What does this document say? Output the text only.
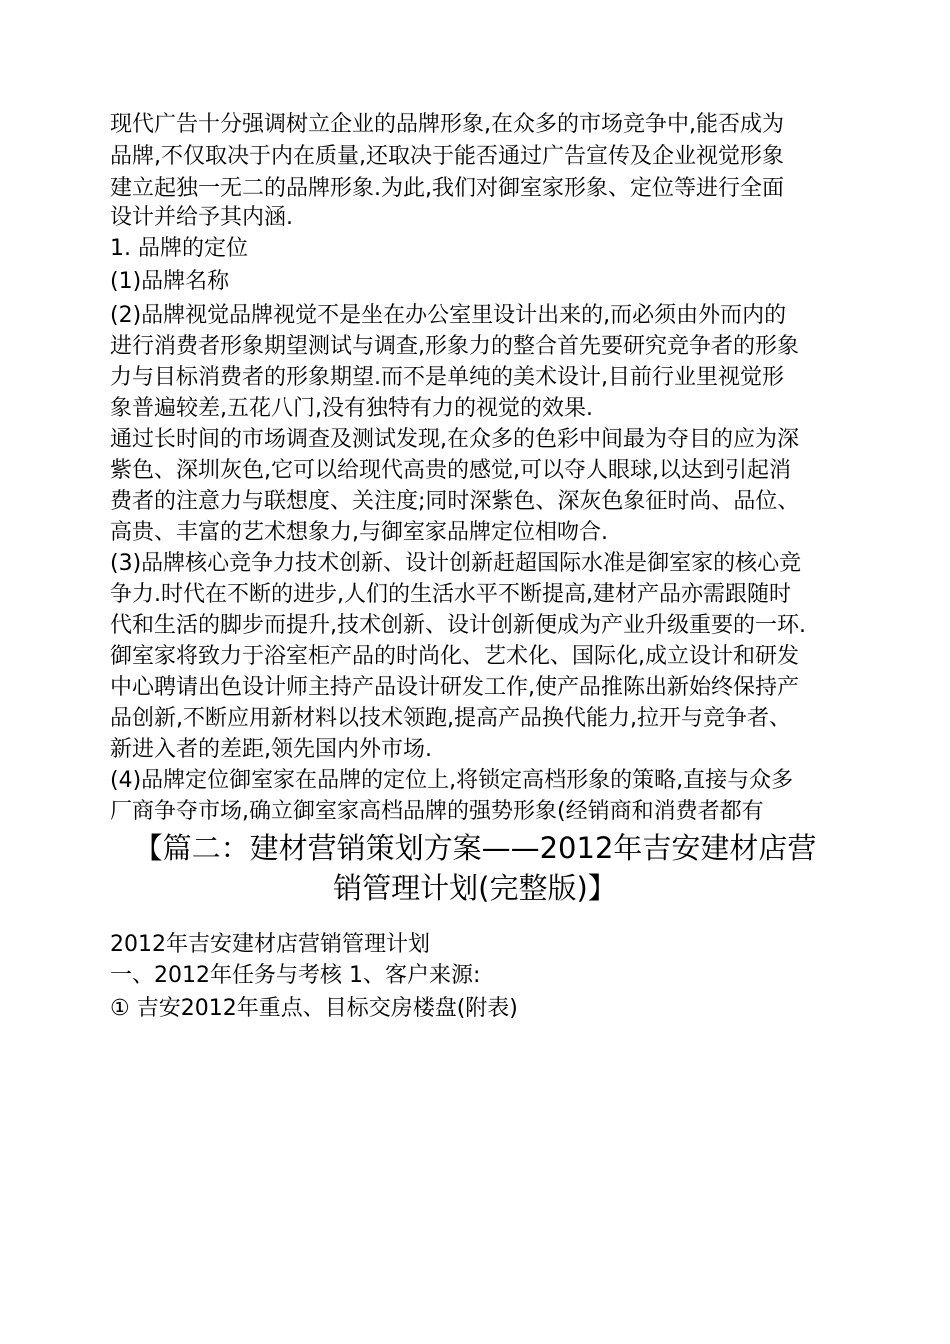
现代广告十分强调树立企业的品牌形象,在众多的市场竞争中,能否成为
品牌,不仅取决于内在质量,还取决于能否通过广告宣传及企业视觉形象
建立起独一无二的品牌形象.为此,我们对御室家形象、定位等进行全面
设计并给予其内涵.
1. 品牌的定位
(1)品牌名称
(2)品牌视觉品牌视觉不是坐在办公室里设计出来的,而必须由外而内的
进行消费者形象期望测试与调查,形象力的整合首先要研究竞争者的形象
力与目标消费者的形象期望.而不是单纯的美术设计,目前行业里视觉形
象普遍较差,五花八门,没有独特有力的视觉的效果.
通过长时间的市场调查及测试发现,在众多的色彩中间最为夺目的应为深
紫色、深圳灰色,它可以给现代高贵的感觉,可以夺人眼球,以达到引起消
费者的注意力与联想度、关注度;同时深紫色、深灰色象征时尚、品位、
高贵、丰富的艺术想象力,与御室家品牌定位相吻合.
(3)品牌核心竞争力技术创新、设计创新赶超国际水准是御室家的核心竞
争力.时代在不断的进步,人们的生活水平不断提高,建材产品亦需跟随时
代和生活的脚步而提升,技术创新、设计创新便成为产业升级重要的一环.
御室家将致力于浴室柜产品的时尚化、艺术化、国际化,成立设计和研发
中心聘请出色设计师主持产品设计研发工作,使产品推陈出新始终保持产
品创新,不断应用新材料以技术领跑,提高产品换代能力,拉开与竞争者、
新进入者的差距,领先国内外市场.
(4)品牌定位御室家在品牌的定位上,将锁定高档形象的策略,直接与众多
厂商争夺市场,确立御室家高档品牌的强势形象(经销商和消费者都有
【篇二：建材营销策划方案——2012年吉安建材店营
销管理计划(完整版)】
2012年吉安建材店营销管理计划
一、2012年任务与考核 1、客户来源:
① 吉安2012年重点、目标交房楼盘(附表)
